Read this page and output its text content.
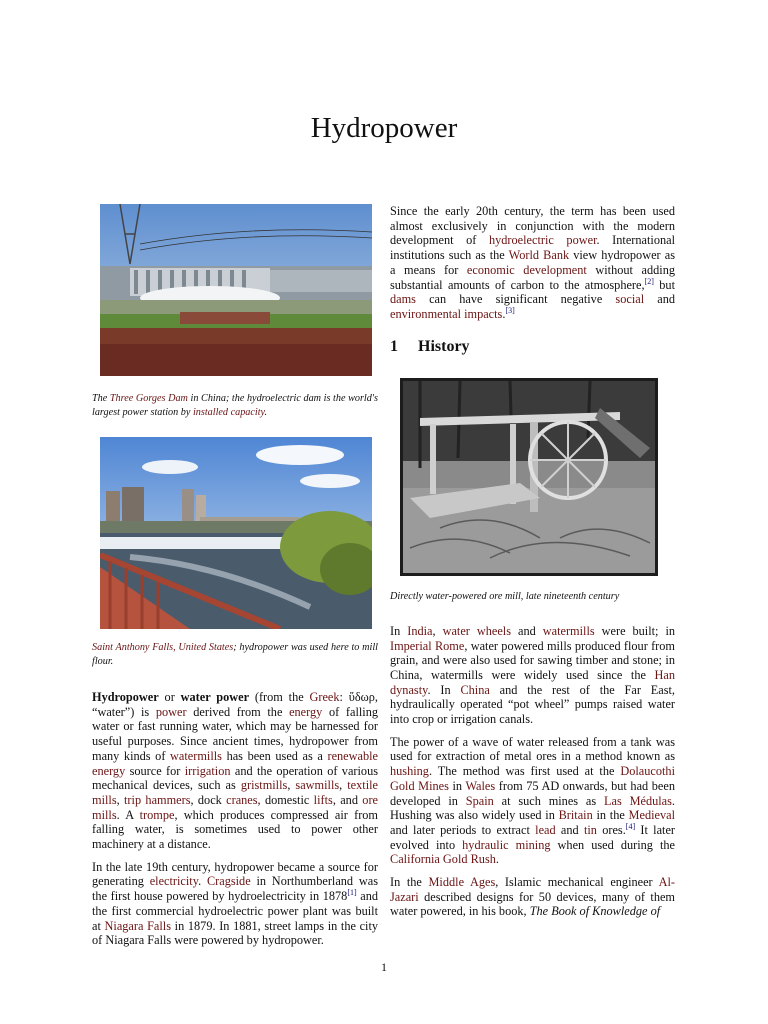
Hydropower

The Three Gorges Dam in China; the hydroelectric dam is the world's largest power station by installed capacity.

Saint Anthony Falls, United States; hydropower was used here to mill flour.

Hydropower or water power (from the Greek: ὕδωρ, “water”) is power derived from the energy of falling water or fast running water, which may be harnessed for useful purposes. Since ancient times, hydropower from many kinds of watermills has been used as a renewable energy source for irrigation and the operation of various mechanical devices, such as gristmills, sawmills, textile mills, trip hammers, dock cranes, domestic lifts, and ore mills. A trompe, which produces compressed air from falling water, is sometimes used to power other machinery at a distance.

In the late 19th century, hydropower became a source for generating electricity. Cragside in Northumberland was the first house powered by hydroelectricity in 1878[1] and the first commercial hydroelectric power plant was built at Niagara Falls in 1879. In 1881, street lamps in the city of Niagara Falls were powered by hydropower.

Since the early 20th century, the term has been used almost exclusively in conjunction with the modern development of hydroelectric power. International institutions such as the World Bank view hydropower as a means for economic development without adding substantial amounts of carbon to the atmosphere,[2] but dams can have significant negative social and environmental impacts.[3]

1 History

Directly water-powered ore mill, late nineteenth century

In India, water wheels and watermills were built; in Imperial Rome, water powered mills produced flour from grain, and were also used for sawing timber and stone; in China, watermills were widely used since the Han dynasty. In China and the rest of the Far East, hydraulically operated “pot wheel” pumps raised water into crop or irrigation canals.

The power of a wave of water released from a tank was used for extraction of metal ores in a method known as hushing. The method was first used at the Dolaucothi Gold Mines in Wales from 75 AD onwards, but had been developed in Spain at such mines as Las Médulas. Hushing was also widely used in Britain in the Medieval and later periods to extract lead and tin ores.[4] It later evolved into hydraulic mining when used during the California Gold Rush.

In the Middle Ages, Islamic mechanical engineer Al-Jazari described designs for 50 devices, many of them water powered, in his book, The Book of Knowledge of

1
